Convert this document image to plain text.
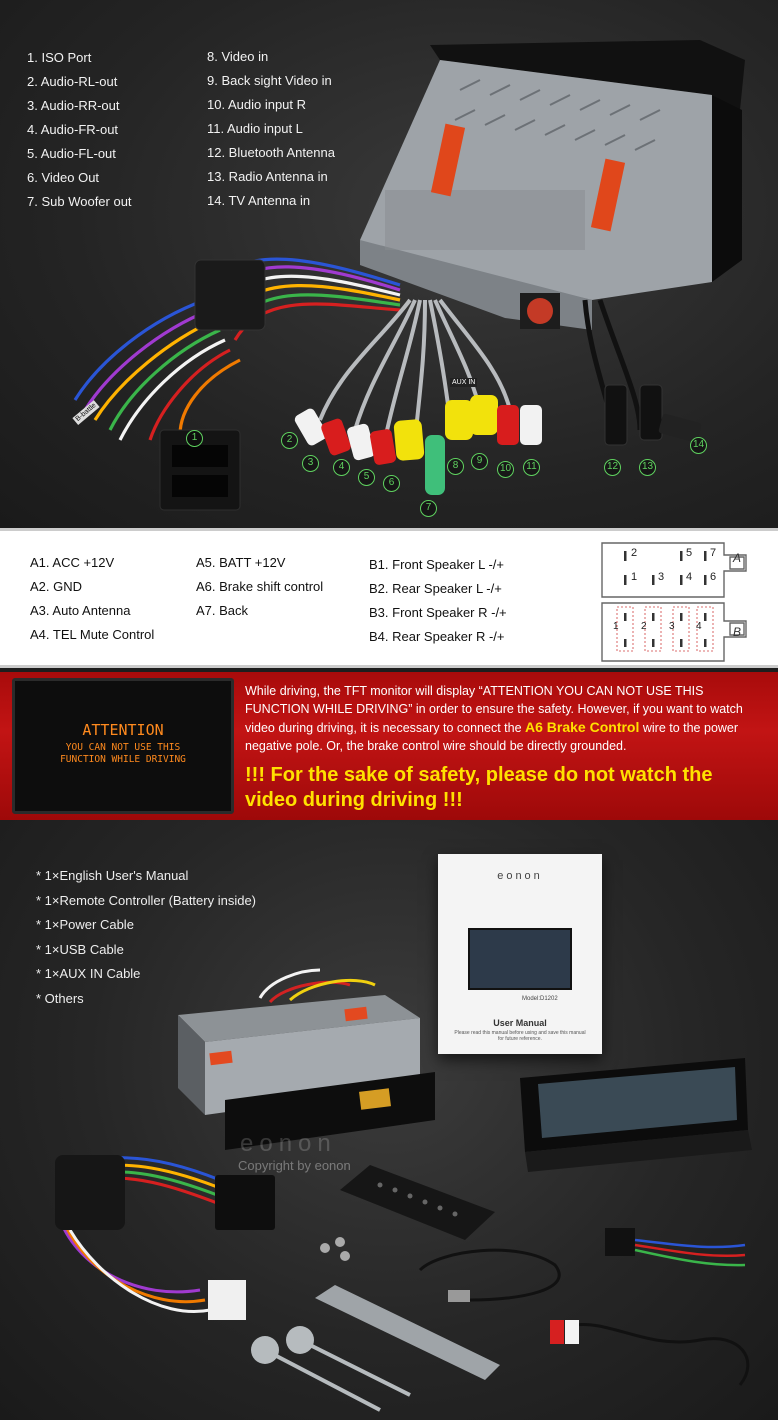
1. ISO Port
2. Audio-RL-out
3. Audio-RR-out
4. Audio-FR-out
5. Audio-FL-out
6. Video Out
7. Sub Woofer out
8. Video in
9. Back sight Video in
10. Audio input R
11. Audio input L
12. Bluetooth Antenna
13. Radio Antenna in
14. TV Antenna in
AUX IN
B-battle
1	2
3	4
5
6
7
8	9
10	11	12 13
14
A1. ACC +12V
A2. GND
A3. Auto Antenna
A4. TEL Mute Control
A5. BATT +12V
A6. Brake shift control
A7. Back
B1. Front Speaker L -/+
B2. Rear Speaker L -/+
B3. Front Speaker R -/+
B4. Rear Speaker R -/+
2	5 7
1 3 4 6
A
1 2 3 4	B
ATTENTION
YOU CAN NOT USE THIS
FUNCTION WHILE DRIVING
While driving, the TFT monitor will display “ATTENTION YOU CAN NOT USE THIS FUNCTION WHILE DRIVING” in order to ensure the safety. However, if you want to watch video during driving, it is necessary to connect the A6 Brake Control wire to the power negative pole. Or, the brake control wire should be directly grounded.
!!! For the sake of safety, please do not watch the video during driving !!!
* 1×English User's Manual
* 1×Remote Controller (Battery inside)
* 1×Power Cable
* 1×USB Cable
* 1×AUX IN Cable
* Others
eonon
Model:D1202
User Manual
Please read this manual before using and save this manual for future reference.
eonon
Copyright by eonon
